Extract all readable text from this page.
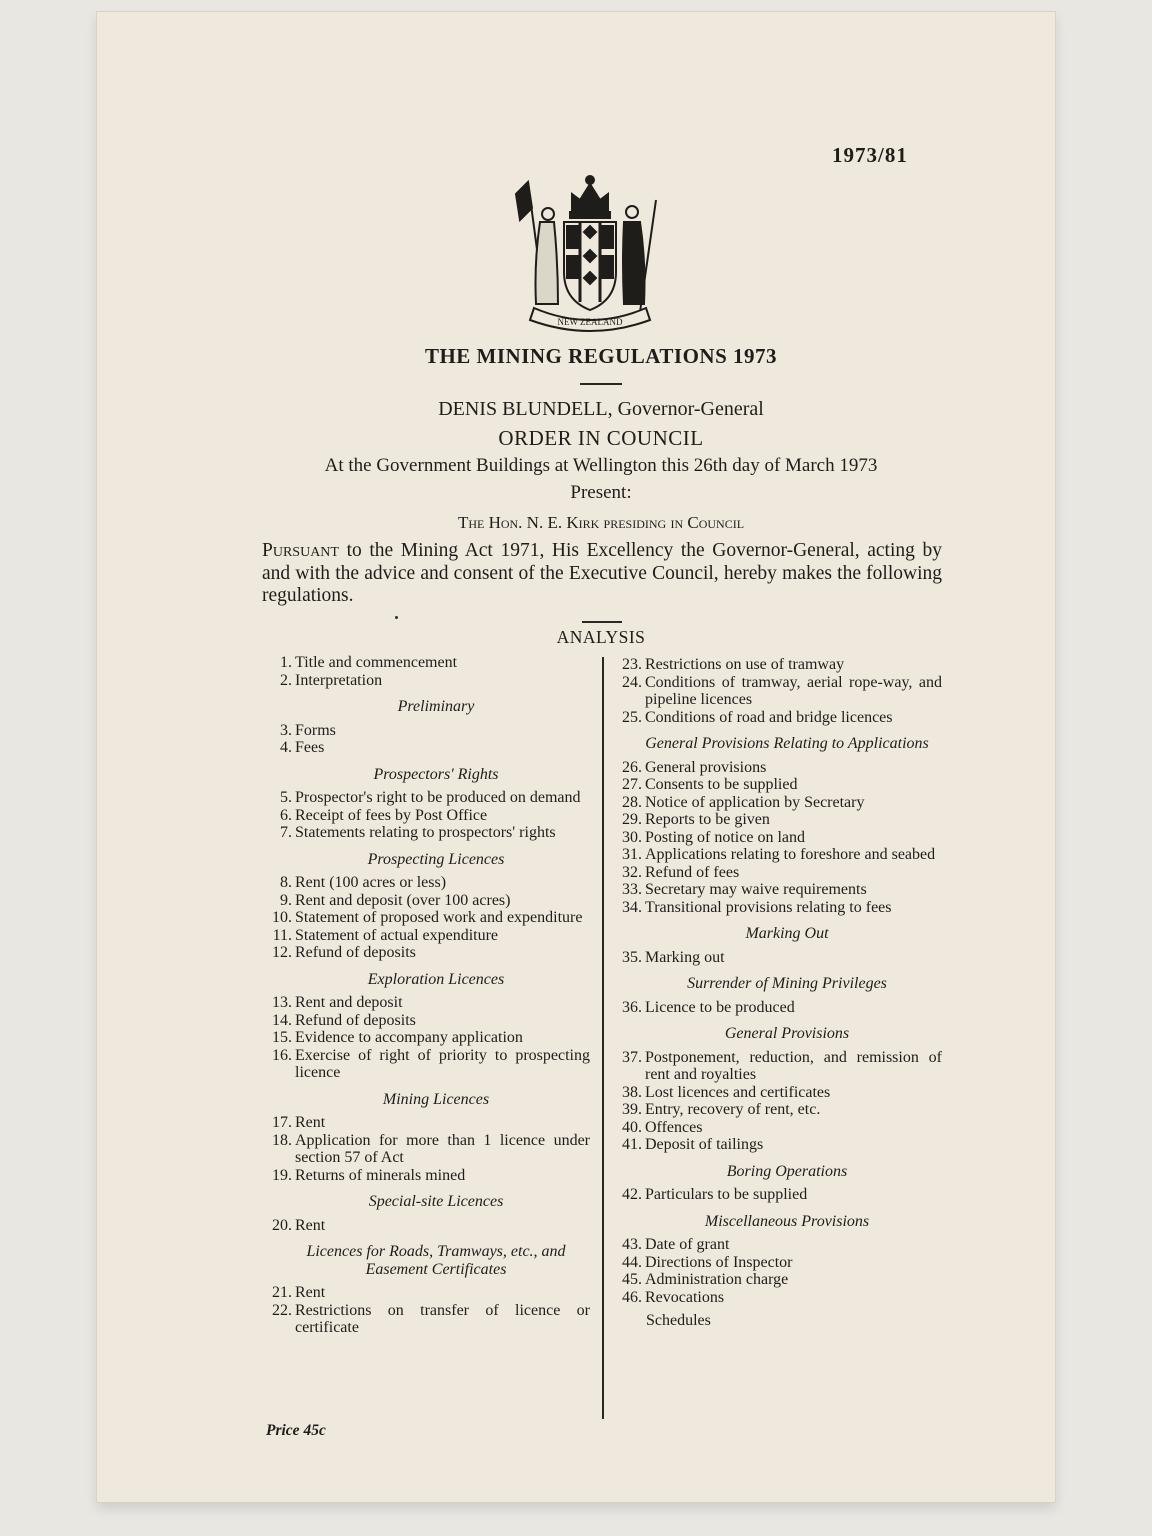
1973/81
NEW ZEALAND
THE MINING REGULATIONS 1973
DENIS BLUNDELL, Governor-General
ORDER IN COUNCIL
At the Government Buildings at Wellington this 26th day of March 1973
Present:
The Hon. N. E. Kirk presiding in Council
Pursuant to the Mining Act 1971, His Excellency the Governor-General, acting by and with the advice and consent of the Executive Council, hereby makes the following regulations.
ANALYSIS
1. Title and commencement
2. Interpretation
Preliminary
3. Forms
4. Fees
Prospectors' Rights
5. Prospector's right to be produced on demand
6. Receipt of fees by Post Office
7. Statements relating to prospectors' rights
Prospecting Licences
8. Rent (100 acres or less)
9. Rent and deposit (over 100 acres)
10. Statement of proposed work and expenditure
11. Statement of actual expenditure
12. Refund of deposits
Exploration Licences
13. Rent and deposit
14. Refund of deposits
15. Evidence to accompany application
16. Exercise of right of priority to prospecting licence
Mining Licences
17. Rent
18. Application for more than 1 licence under section 57 of Act
19. Returns of minerals mined
Special-site Licences
20. Rent
Licences for Roads, Tramways, etc., and Easement Certificates
21. Rent
22. Restrictions on transfer of licence or certificate
23. Restrictions on use of tramway
24. Conditions of tramway, aerial rope-way, and pipeline licences
25. Conditions of road and bridge licences
General Provisions Relating to Applications
26. General provisions
27. Consents to be supplied
28. Notice of application by Secretary
29. Reports to be given
30. Posting of notice on land
31. Applications relating to foreshore and seabed
32. Refund of fees
33. Secretary may waive requirements
34. Transitional provisions relating to fees
Marking Out
35. Marking out
Surrender of Mining Privileges
36. Licence to be produced
General Provisions
37. Postponement, reduction, and remission of rent and royalties
38. Lost licences and certificates
39. Entry, recovery of rent, etc.
40. Offences
41. Deposit of tailings
Boring Operations
42. Particulars to be supplied
Miscellaneous Provisions
43. Date of grant
44. Directions of Inspector
45. Administration charge
46. Revocations
Schedules
Price 45c
